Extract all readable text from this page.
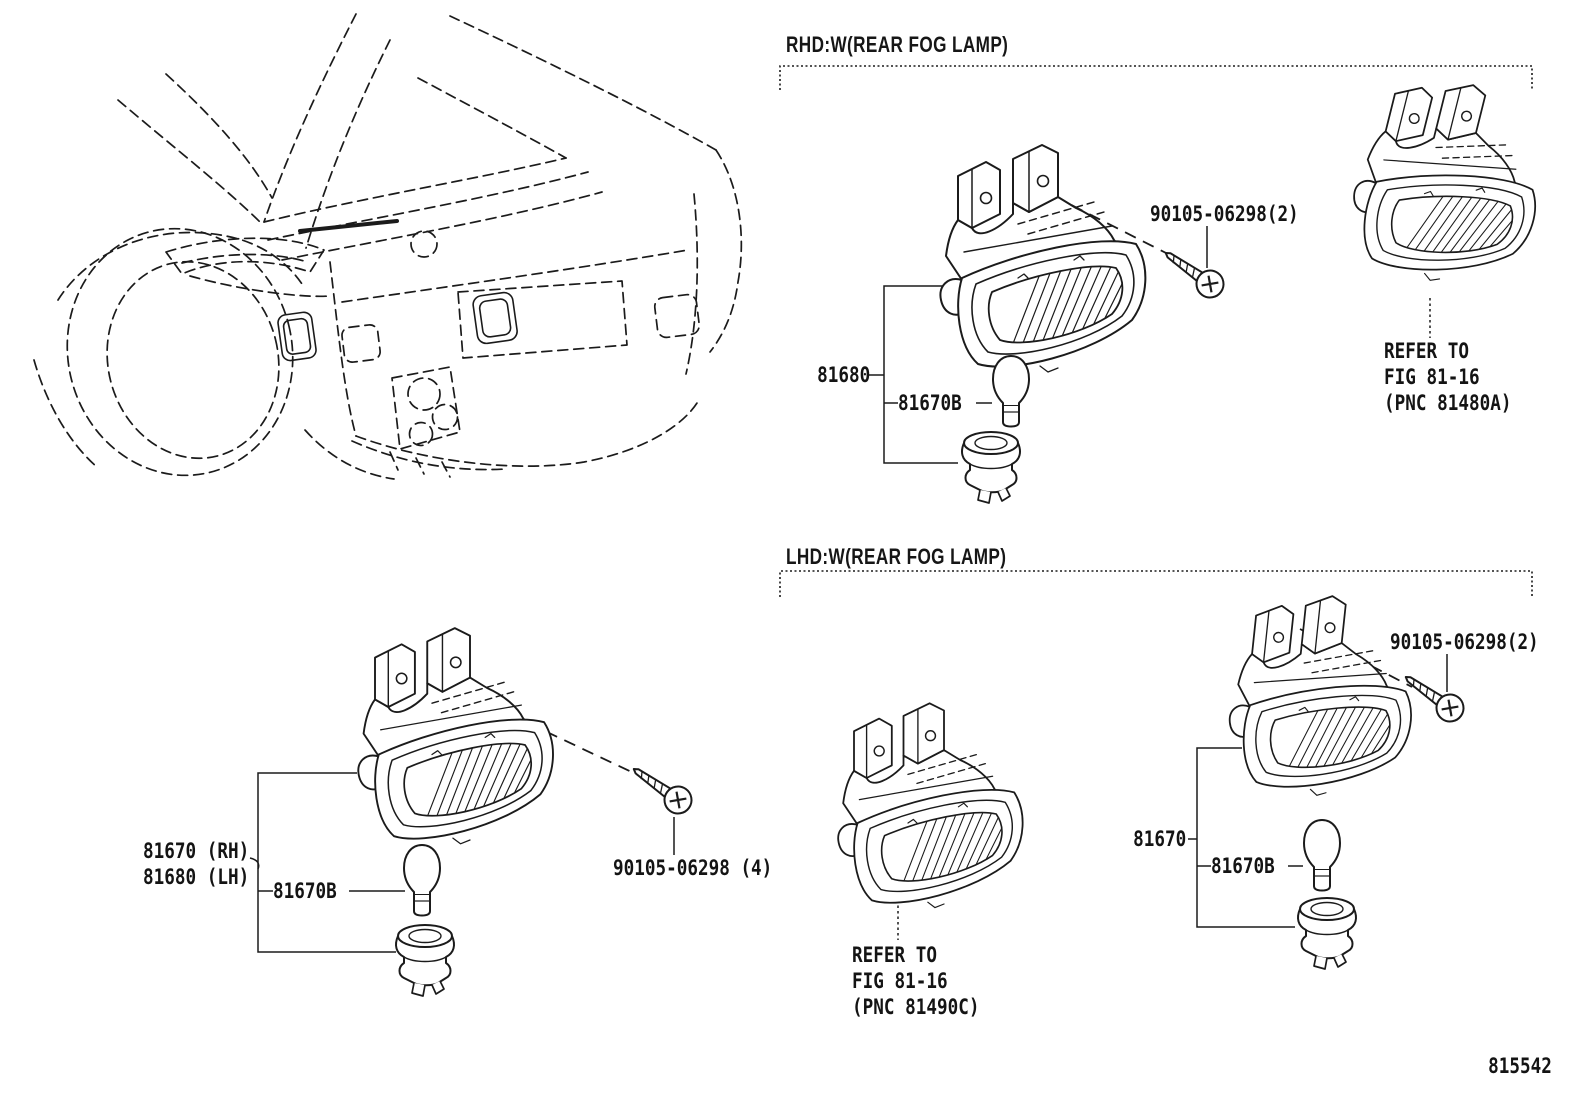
RHD:W(REAR FOG LAMP)
90105-06298(2)
81680
81670B
REFER TO
FIG 81-16
(PNC 81480A)
LHD:W(REAR FOG LAMP)
90105-06298(2)
81670
81670B
REFER TO
FIG 81-16
(PNC 81490C)
81670 (RH)
81680 (LH)
81670B
90105-06298 (4)
815542
